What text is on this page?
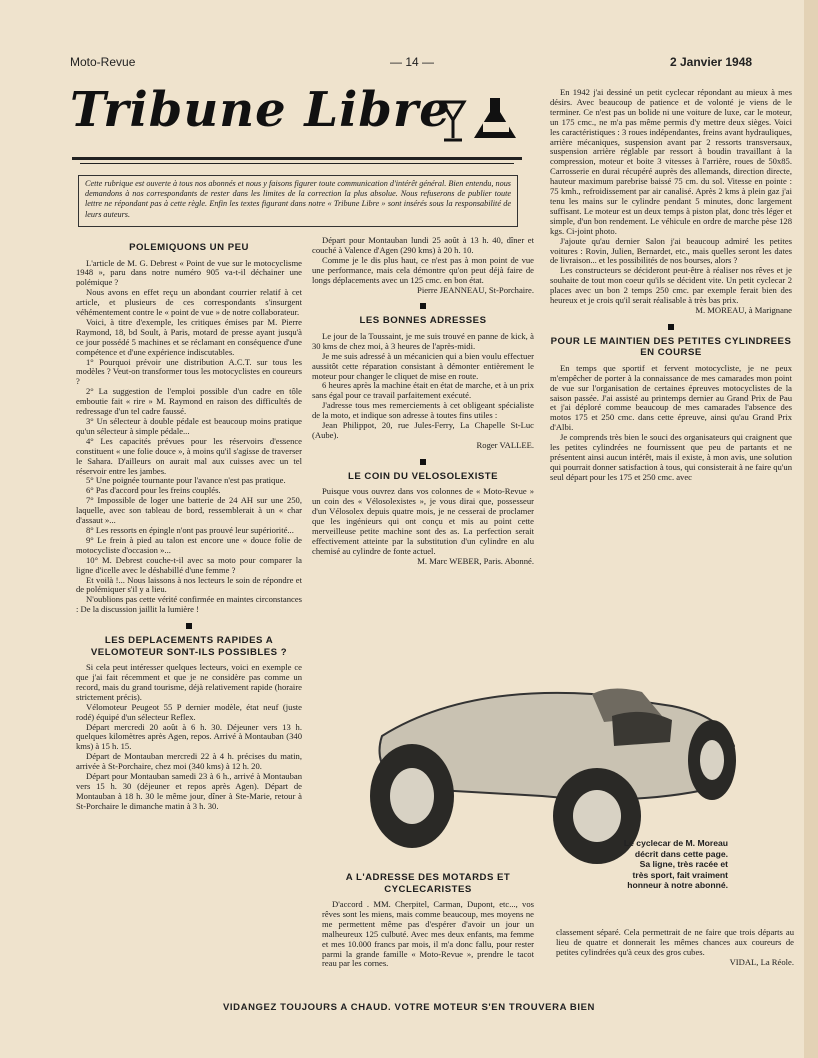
Moto-Revue	— 14 —	2 Janvier 1948
Tribune Libre
Cette rubrique est ouverte à tous nos abonnés et nous y faisons figurer toute communication d'intérêt général. Bien entendu, nous demandons à nos correspondants de rester dans les limites de la correction la plus absolue. Nous refuserons de publier toute lettre ne répondant pas à cette règle. Enfin les textes figurant dans notre « Tribune Libre » sont insérés sous la responsabilité de leurs auteurs.
POLEMIQUONS UN PEU

L'article de M. G. Debrest « Point de vue sur le motocyclisme 1948 », paru dans notre numéro 905 va-t-il déchainer une polémique ?

Nous avons en effet reçu un abondant courrier relatif à cet article, et plusieurs de ces correspondants s'insurgent véhémentement contre le « point de vue » de notre collaborateur.

Voici, à titre d'exemple, les critiques émises par M. Pierre Raymond, 18, bd Soult, à Paris, motard de presse ayant jusqu'à ce jour possédé 5 machines et se réclamant en conséquence d'une compétence et d'une expérience indiscutables.

1° Pourquoi prévoir une distribution A.C.T. sur tous les modèles ? Veut-on transformer tous les motocyclistes en coureurs ?

2° La suggestion de l'emploi possible d'un cadre en tôle emboutie fait « rire » M. Raymond en raison des difficultés de redressage d'un tel cadre faussé.

3° Un sélecteur à double pédale est beaucoup moins pratique qu'un sélecteur à simple pédale...

4° Les capacités prévues pour les réservoirs d'essence constituent « une folie douce », à moins qu'il s'agisse de traverser le Sahara. D'ailleurs on aurait mal aux cuisses avec un tel réservoir entre les jambes.

5° Une poignée tournante pour l'avance n'est pas pratique.

6° Pas d'accord pour les freins couplés.

7° Impossible de loger une batterie de 24 AH sur une 250, laquelle, avec son tableau de bord, ressemblerait à un « char d'assaut »...

8° Les ressorts en épingle n'ont pas prouvé leur supériorité...

9° Le frein à pied au talon est encore une « douce folie de motocycliste d'occasion »...

10° M. Debrest couche-t-il avec sa moto pour comparer la ligne d'icelle avec le déshabillé d'une femme ?

Et voilà !... Nous laissons à nos lecteurs le soin de répondre et de polémiquer s'il y a lieu.

N'oublions pas cette vérité confirmée en maintes circonstances : De la discussion jaillit la lumière !

LES DEPLACEMENTS RAPIDES A VELOMOTEUR SONT-ILS POSSIBLES ?

Si cela peut intéresser quelques lecteurs, voici en exemple ce que j'ai fait récemment et que je ne considère pas comme un record, mais du grand tourisme, déjà relativement rapide (horaire strictement précis).

Vélomoteur Peugeot 55 P dernier modèle, état neuf (juste rodé) équipé d'un sélecteur Reflex.

Départ mercredi 20 août à 6 h. 30. Déjeuner vers 13 h. quelques kilomètres après Agen, repos. Arrivé à Montauban (340 kms) à 15 h. 15.

Départ de Montauban mercredi 22 à 4 h. précises du matin, arrivée à St-Porchaire, chez moi (340 kms) à 12 h. 20.

Départ pour Montauban samedi 23 à 6 h., arrivé à Montauban vers 15 h. 30 (déjeuner et repos après Agen). Départ de Montauban à 18 h. 30 le même jour, dîner à Ste-Marie, retour à St-Porchaire le dimanche matin à 3 h. 30.

Départ pour Montauban lundi 25 août à 13 h. 40, dîner et couché à Valence d'Agen (290 kms) à 20 h. 10.

Comme je le dis plus haut, ce n'est pas à mon point de vue une performance, mais cela démontre qu'on peut déjà faire de longs déplacements avec un 125 cmc. en bon état.

Pierre JEANNEAU, St-Porchaire.

LES BONNES ADRESSES

Le jour de la Toussaint, je me suis trouvé en panne de kick, à 30 kms de chez moi, à 3 heures de l'après-midi.

Je me suis adressé à un mécanicien qui a bien voulu effectuer aussitôt cette réparation consistant à démonter entièrement le moteur pour changer le cliquet de mise en route.

6 heures après la machine était en état de marche, et à un prix sans égal pour ce travail parfaitement exécuté.

J'adresse tous mes remerciements à cet obligeant spécialiste de la moto, et indique son adresse à toutes fins utiles :

Jean Philippot, 20, rue Jules-Ferry, La Chapelle St-Luc (Aube).

Roger VALLEE.

LE COIN DU VELOSOLEXISTE

Puisque vous ouvrez dans vos colonnes de « Moto-Revue » un coin des « Vélosolexistes », je vous dirai que, possesseur d'un Vélosolex depuis quatre mois, je ne cesserai de proclamer que les ingénieurs qui ont conçu et mis au point cette merveilleuse petite machine sont des as. La perfection serait effectivement atteinte par la substitution d'un cylindre en alu chemisé au cylindre de fonte actuel.

M. Marc WEBER, Paris. Abonné.

A L'ADRESSE DES MOTARDS ET CYCLECARISTES

D'accord . MM. Cherpitel, Carman, Dupont, etc..., vos rêves sont les miens, mais comme beaucoup, mes moyens ne me permettent même pas d'espérer d'avoir un jour un malheureux 125 culbuté. Avec mes deux enfants, ma femme et mes 10.000 francs par mois, il m'a donc fallu, pour rester parmi la grande famille « Moto-Revue », prendre le tacot reau par les cornes.

En 1942 j'ai dessiné un petit cyclecar répondant au mieux à mes désirs. Avec beaucoup de patience et de volonté je viens de le terminer. Ce n'est pas un bolide ni une voiture de luxe, car le moteur, un 175 cmc., ne m'a pas même permis d'y mettre deux sièges. Voici les caractéristiques : 3 roues indépendantes, freins avant hydrauliques, arrière mécaniques, suspension avant par 2 ressorts transversaux, suspension arrière réglable par ressort à boudin travaillant à la compression, moteur et boite 3 vitesses à l'arrière, roues de 50x85. Carrosserie en durai récupéré auprès des allemands, direction directe, hauteur maximum parebrise baissé 75 cm. du sol. Vitesse en pointe : 75 kmh., refroidissement par air canalisé. Après 2 kms à plein gaz j'ai tenu les mains sur le cylindre pendant 5 minutes, donc largement suffisant. Le moteur est un deux temps à piston plat, donc très léger et simple, d'un bon rendement. Le véhicule en ordre de marche pèse 128 kgs. Ci-joint photo.

J'ajoute qu'au dernier Salon j'ai beaucoup admiré les petites voitures : Rovin, Julien, Bernardet, etc., mais quelles seront les dates de livraison... et les possibilités de nos bourses, alors ?

Les constructeurs se décideront peut-être à réaliser nos rêves et je souhaite de tout mon coeur qu'ils se décident vite. Un petit cyclecar 2 places avec un bon 2 temps 250 cmc. par exemple ferait bien des heureux et je crois qu'il serait réalisable à très bas prix.

M. MOREAU, à Marignane

POUR LE MAINTIEN DES PETITES CYLINDREES EN COURSE

En temps que sportif et fervent motocycliste, je ne peux m'empêcher de porter à la connaissance de mes camarades mon point de vue sur l'organisation de certaines épreuves motocyclistes de la saison passée. J'ai assisté au printemps dernier au Grand Prix de Pau et j'ai déploré comme beaucoup de mes camarades l'absence des motos 175 et 250 cmc. dans cette épreuve, ainsi qu'au Grand Prix d'Albi.

Je comprends très bien le souci des organisateurs qui craignent que les petites cylindrées ne fournissent que peu de partants et ne présentent ainsi aucun intérêt, mais il existe, à mon avis, une solution qui pourrait donner satisfaction à tous, qui consisterait à ne faire qu'un seul départ pour les 175 et 250 cmc. avec

Le cyclecar de M. Moreau décrit dans cette page. Sa ligne, très racée et très sport, fait vraiment honneur à notre abonné.

classement séparé. Cela permettrait de ne faire que trois départs au lieu de quatre et donnerait les mêmes chances aux coureurs de petites cylindrées qu'à ceux des gros cubes.

VIDAL, La Réole.

VIDANGEZ TOUJOURS A CHAUD. VOTRE MOTEUR S'EN TROUVERA BIEN
